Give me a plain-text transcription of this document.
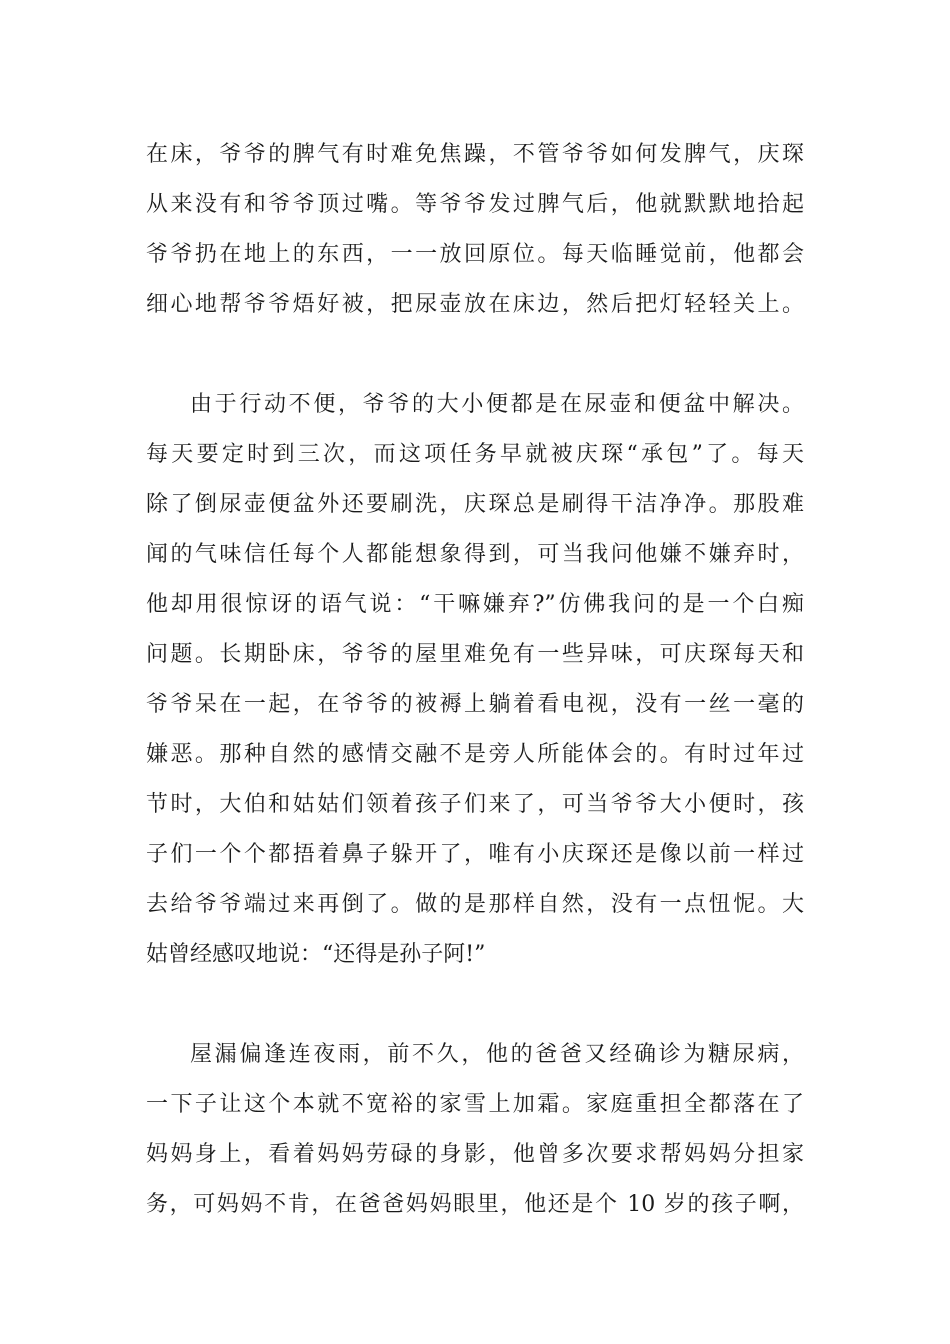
在床，爷爷的脾气有时难免焦躁，不管爷爷如何发脾气，庆琛
从来没有和爷爷顶过嘴。等爷爷发过脾气后，他就默默地拾起
爷爷扔在地上的东西，一一放回原位。每天临睡觉前，他都会
细心地帮爷爷焐好被，把尿壶放在床边，然后把灯轻轻关上。
由于行动不便，爷爷的大小便都是在尿壶和便盆中解决。
每天要定时到三次，而这项任务早就被庆琛“承包”了。每天
除了倒尿壶便盆外还要刷洗，庆琛总是刷得干洁净净。那股难
闻的气味信任每个人都能想象得到，可当我问他嫌不嫌弃时，
他却用很惊讶的语气说：“干嘛嫌弃?”仿佛我问的是一个白痴
问题。长期卧床，爷爷的屋里难免有一些异味，可庆琛每天和
爷爷呆在一起，在爷爷的被褥上躺着看电视，没有一丝一毫的
嫌恶。那种自然的感情交融不是旁人所能体会的。有时过年过
节时，大伯和姑姑们领着孩子们来了，可当爷爷大小便时，孩
子们一个个都捂着鼻子躲开了，唯有小庆琛还是像以前一样过
去给爷爷端过来再倒了。做的是那样自然，没有一点忸怩。大
姑曾经感叹地说：“还得是孙子阿!”
屋漏偏逢连夜雨，前不久，他的爸爸又经确诊为糖尿病，
一下子让这个本就不宽裕的家雪上加霜。家庭重担全都落在了
妈妈身上，看着妈妈劳碌的身影，他曾多次要求帮妈妈分担家
务，可妈妈不肯，在爸爸妈妈眼里，他还是个 10 岁的孩子啊，
